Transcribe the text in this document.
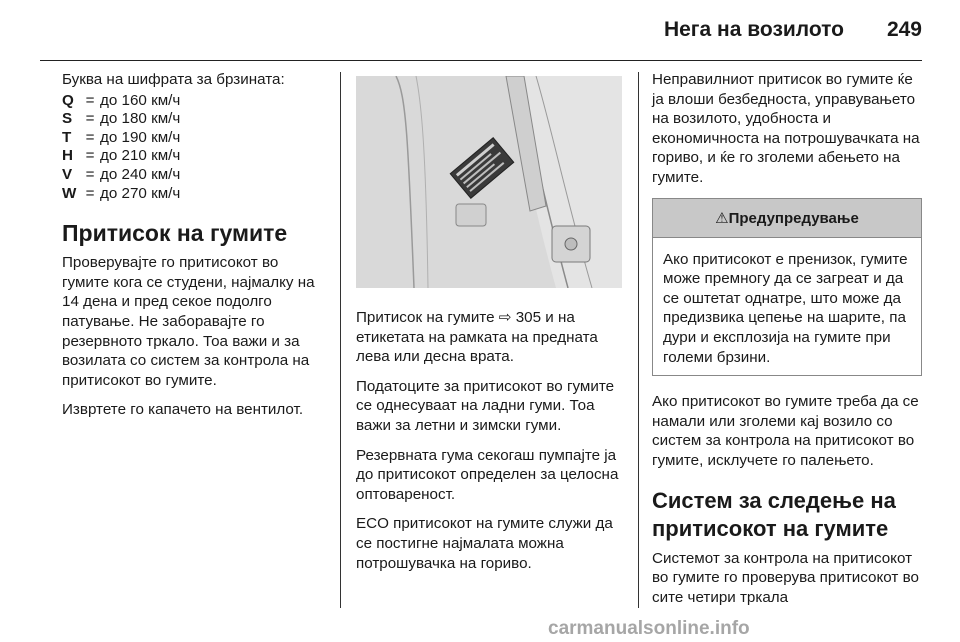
Нега на возилото 249

Буква на шифрата за брзината:

Q = до 160 км/ч
S = до 180 км/ч
T = до 190 км/ч
H = до 210 км/ч
V = до 240 км/ч
W = до 270 км/ч
Притисок на гумите

Проверувајте го притисокот во гумите кога се студени, најмалку на 14 дена и пред секое подолго патување. Не заборавајте го резервното тркало. Тоа важи и за возилата со систем за контрола на притисокот во гумите.

Извртете го капачето на вентилот.

Притисок на гумите ⇨ 305 и на етикетата на рамката на предната лева или десна врата.

Податоците за притисокот во гумите се однесуваат на ладни гуми. Тоа важи за летни и зимски гуми.

Резервната гума секогаш пумпајте ја до притисокот определен за целосна оптовареност.

ECO притисокот на гумите служи да се постигне најмалата можна потрошувачка на гориво.

Неправилниот притисок во гумите ќе ја влоши безбедноста, управувањето на возилото, удобноста и економичноста на потрошувачката на гориво, и ќе го зголеми абењето на гумите.

⚠Предупредување

Ако притисокот е пренизок, гумите може премногу да се загреат и да се оштетат однатре, што може да предизвика цепење на шарите, па дури и експлозија на гумите при големи брзини.

Ако притисокот во гумите треба да се намали или зголеми кај возило со систем за контрола на притисокот во гумите, исклучете го палењето.

Систем за следење на притисокот на гумите

Системот за контрола на притисокот во гумите го проверува притисокот во сите четири тркала

carmanualsonline.info
